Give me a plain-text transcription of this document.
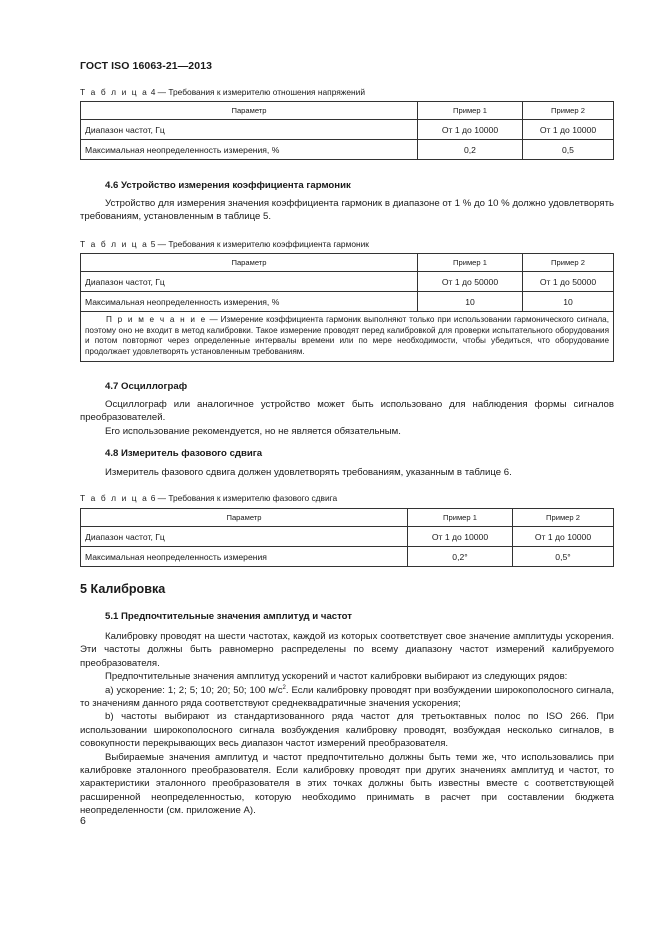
ГОСТ ISO 16063-21—2013
Т а б л и ц а 4 — Требования к измерителю отношения напряжений
Параметр	Пример 1	Пример 2
Диапазон частот, Гц	От 1 до 10000	От 1 до 10000
Максимальная неопределенность измерения, %	0,2	0,5
4.6 Устройство измерения коэффициента гармоник

Устройство для измерения значения коэффициента гармоник в диапазоне от 1 % до 10 % должно удовлетворять требованиям, установленным в таблице 5.

Т а б л и ц а 5 — Требования к измерителю коэффициента гармоник
Параметр	Пример 1	Пример 2
Диапазон частот, Гц	От 1 до 50000	От 1 до 50000
Максимальная неопределенность измерения, %	10	10
П р и м е ч а н и е — Измерение коэффициента гармоник выполняют только при использовании гармонического сигнала, поэтому оно не входит в метод калибровки. Такое измерение проводят перед калибровкой для проверки испытательного оборудования и потом повторяют через определенные интервалы времени или по мере необходимости, чтобы убедиться, что оборудование продолжает удовлетворять установленным требованиям.		
4.7 Осциллограф

Осциллограф или аналогичное устройство может быть использовано для наблюдения формы сигналов преобразователей.

Его использование рекомендуется, но не является обязательным.

4.8 Измеритель фазового сдвига

Измеритель фазового сдвига должен удовлетворять требованиям, указанным в таблице 6.

Т а б л и ц а 6 — Требования к измерителю фазового сдвига
Параметр	Пример 1	Пример 2
Диапазон частот, Гц	От 1 до 10000	От 1 до 10000
Максимальная неопределенность измерения	0,2°	0,5°
5 Калибровка
5.1 Предпочтительные значения амплитуд и частот

Калибровку проводят на шести частотах, каждой из которых соответствует свое значение амплитуды ускорения. Эти частоты должны быть равномерно распределены по всему диапазону частот измерений калибруемого преобразователя.

Предпочтительные значения амплитуд ускорений и частот калибровки выбирают из следующих рядов:

а) ускорение: 1; 2; 5; 10; 20; 50; 100 $м/с^2$. Если калибровку проводят при возбуждении широкополосного сигнала, то значениям данного ряда соответствуют среднеквадратичные значения ускорения;

b) частоты выбирают из стандартизованного ряда частот для третьоктавных полос по ISO 266. При использовании широкополосного сигнала возбуждения калибровку проводят, возбуждая несколько сигналов, в совокупности перекрывающих весь диапазон частот измерений преобразователя.

Выбираемые значения амплитуд и частот предпочтительно должны быть теми же, что использовались при калибровке эталонного преобразователя. Если калибровку проводят при других значениях амплитуд и частот, то характеристики эталонного преобразователя в этих точках должны быть известны вместе с соответствующей расширенной неопределенностью, которую необходимо принимать в расчет при составлении бюджета неопределенности (см. приложение А).

6
